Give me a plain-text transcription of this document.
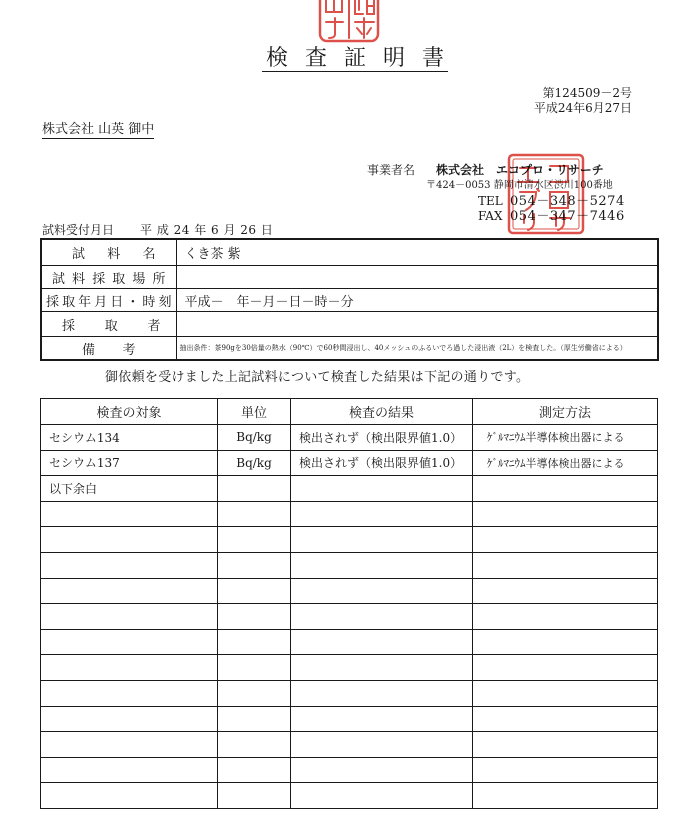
検査証明書
第124509－2号
平成24年6月27日
株式会社 山英 御中
事業者名 株式会社　エコプロ・リサーチ
〒424－0053 静岡市清水区渋川100番地
TEL 054－348－5274
FAX 054－347－7446
試料受付月日 平 成 24 年 6 月 26 日
試料名	くき茶 紫
試料採取場所	
採取年月日・時刻	平成－　年－月－日－時－分
採取者	
備考	抽出条件：茶90gを30倍量の熱水（90℃）で60秒間浸出し、40メッシュのふるいでろ過した浸出液（2L）を検査した。（厚生労働省による）
御依頼を受けました上記試料について検査した結果は下記の通りです。
検査の対象	単位	検査の結果	測定方法
セシウム134	Bq/kg	検出されず（検出限界値1.0）	ｹﾞﾙﾏﾆｳﾑ半導体検出器による
セシウム137	Bq/kg	検出されず（検出限界値1.0）	ｹﾞﾙﾏﾆｳﾑ半導体検出器による
以下余白			
